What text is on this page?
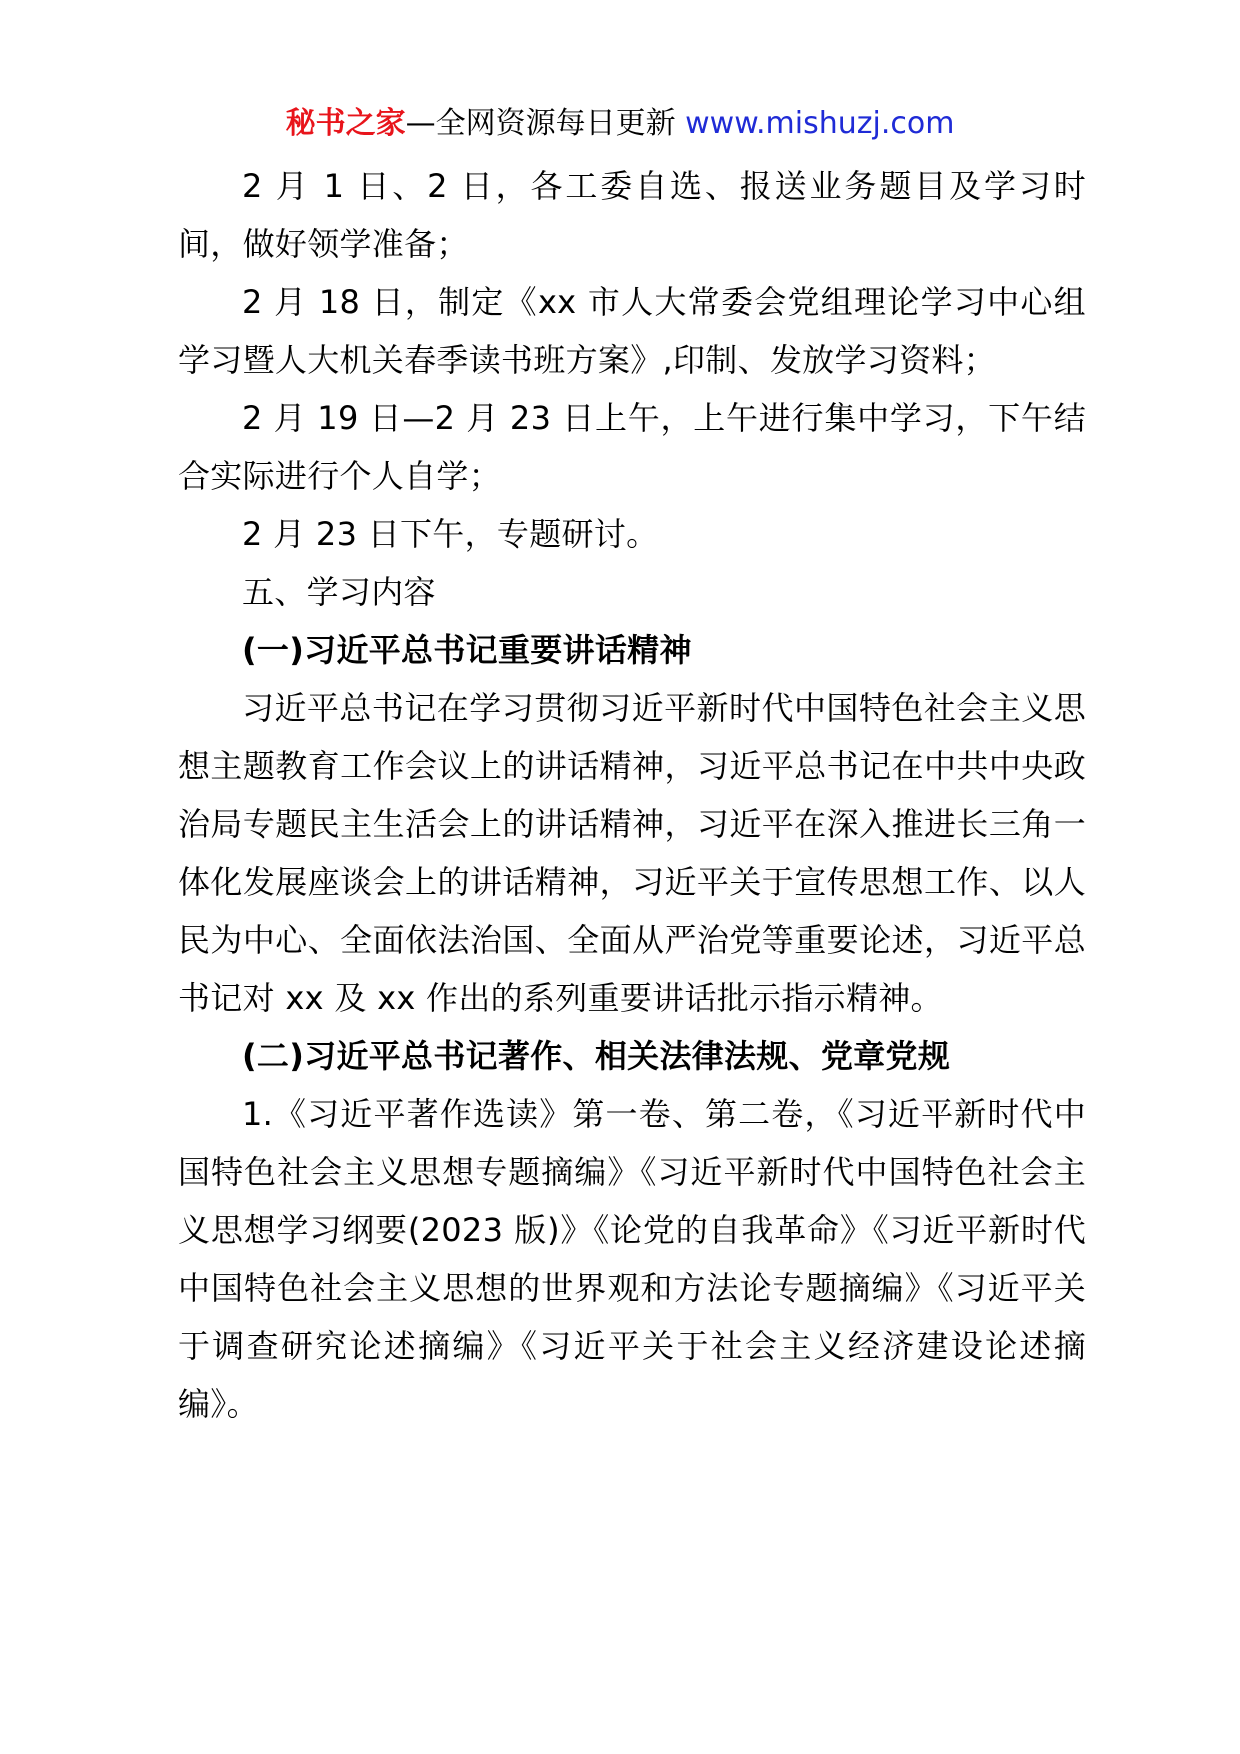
秘书之家—全网资源每日更新 www.mishuzj.com

2 月 1 日、2 日，各工委自选、报送业务题目及学习时间，做好领学准备；

2 月 18 日，制定《xx 市人大常委会党组理论学习中心组学习暨人大机关春季读书班方案》,印制、发放学习资料；

2 月 19 日—2 月 23 日上午，上午进行集中学习，下午结合实际进行个人自学；

2 月 23 日下午，专题研讨。

五、学习内容

(一)习近平总书记重要讲话精神

习近平总书记在学习贯彻习近平新时代中国特色社会主义思想主题教育工作会议上的讲话精神，习近平总书记在中共中央政治局专题民主生活会上的讲话精神，习近平在深入推进长三角一体化发展座谈会上的讲话精神，习近平关于宣传思想工作、以人民为中心、全面依法治国、全面从严治党等重要论述，习近平总书记对 xx 及 xx 作出的系列重要讲话批示指示精神。

(二)习近平总书记著作、相关法律法规、党章党规

1.《习近平著作选读》第一卷、第二卷，《习近平新时代中国特色社会主义思想专题摘编》《习近平新时代中国特色社会主义思想学习纲要(2023 版)》《论党的自我革命》《习近平新时代中国特色社会主义思想的世界观和方法论专题摘编》《习近平关于调查研究论述摘编》《习近平关于社会主义经济建设论述摘编》。
